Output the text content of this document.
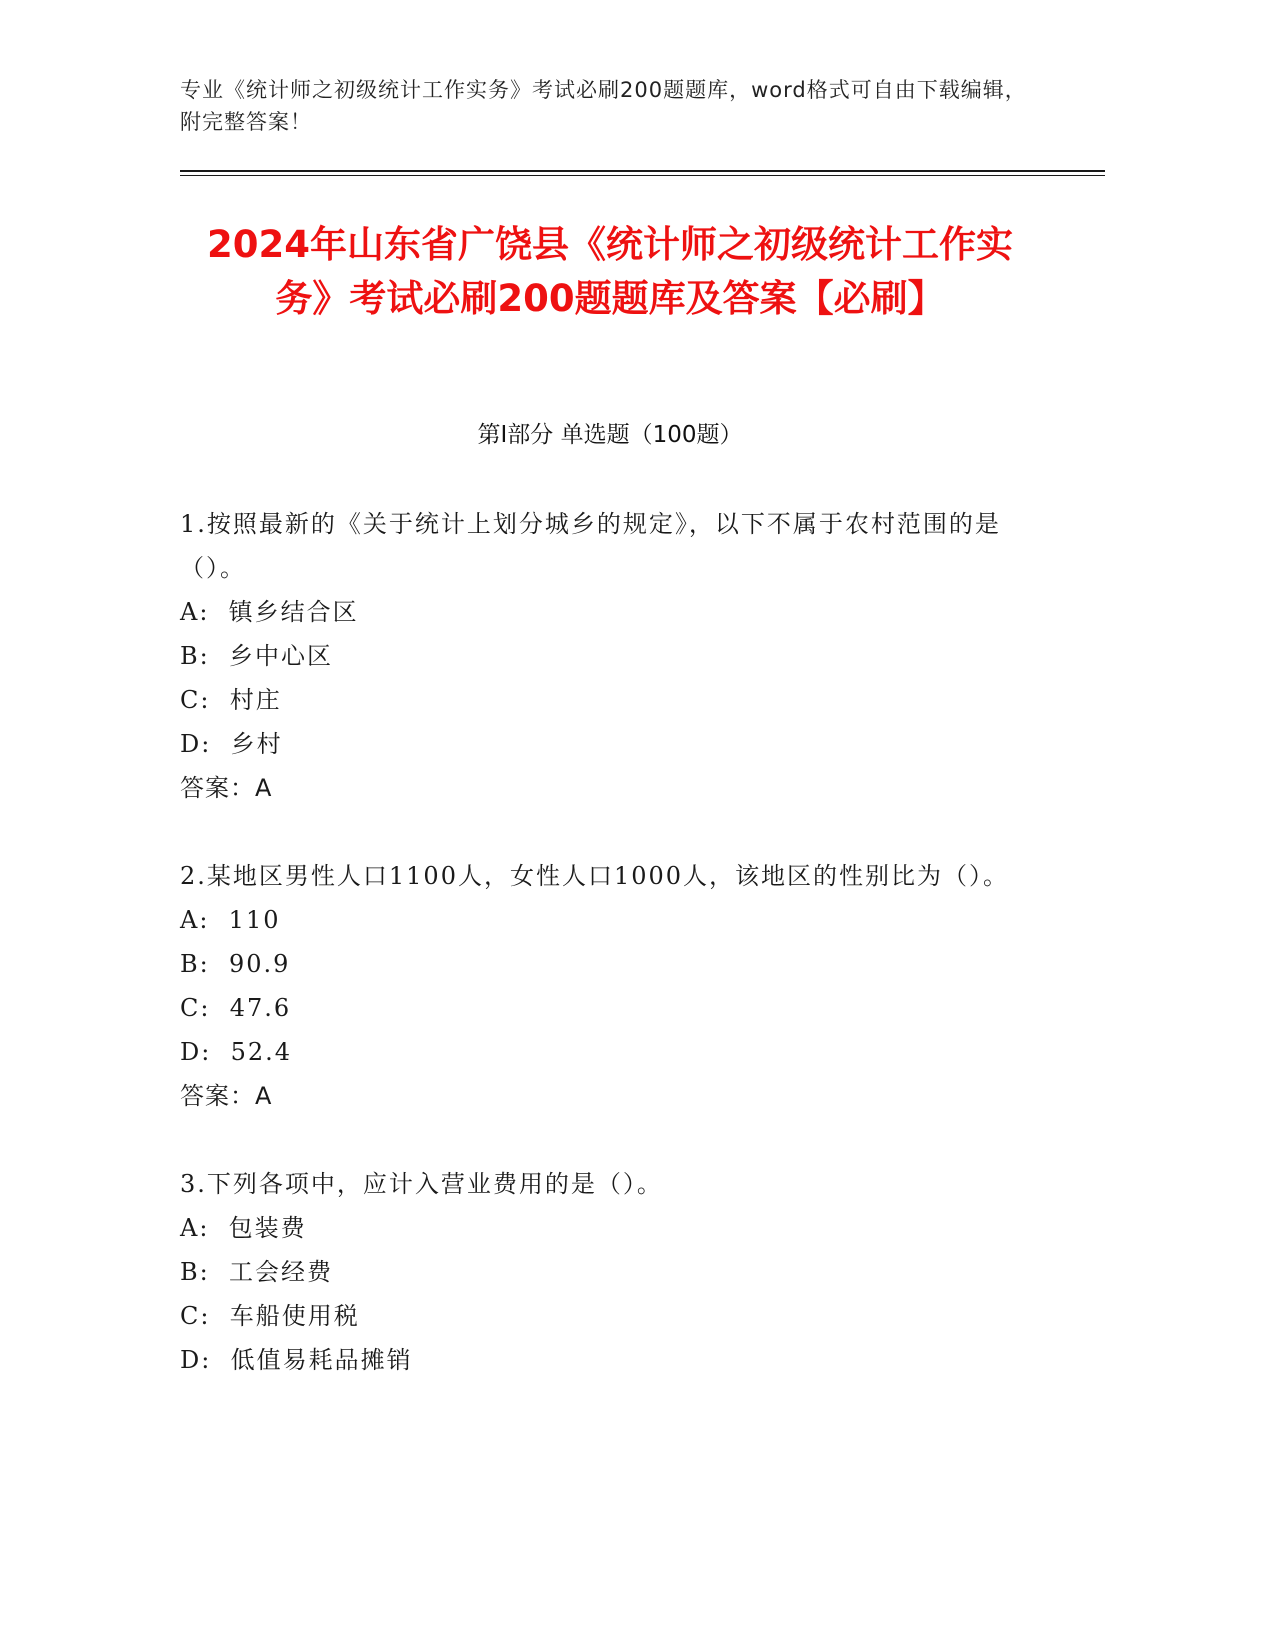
专业《统计师之初级统计工作实务》考试必刷200题题库，word格式可自由下载编辑，附完整答案！
2024年山东省广饶县《统计师之初级统计工作实务》考试必刷200题题库及答案【必刷】
第I部分 单选题（100题）
1.按照最新的《关于统计上划分城乡的规定》，以下不属于农村范围的是（）。
A:  镇乡结合区
B:  乡中心区
C:  村庄
D:  乡村
答案：A
2.某地区男性人口1100人，女性人口1000人，该地区的性别比为（）。
A:  110
B:  90.9
C:  47.6
D:  52.4
答案：A
3.下列各项中，应计入营业费用的是（）。
A:  包装费
B:  工会经费
C:  车船使用税
D:  低值易耗品摊销
